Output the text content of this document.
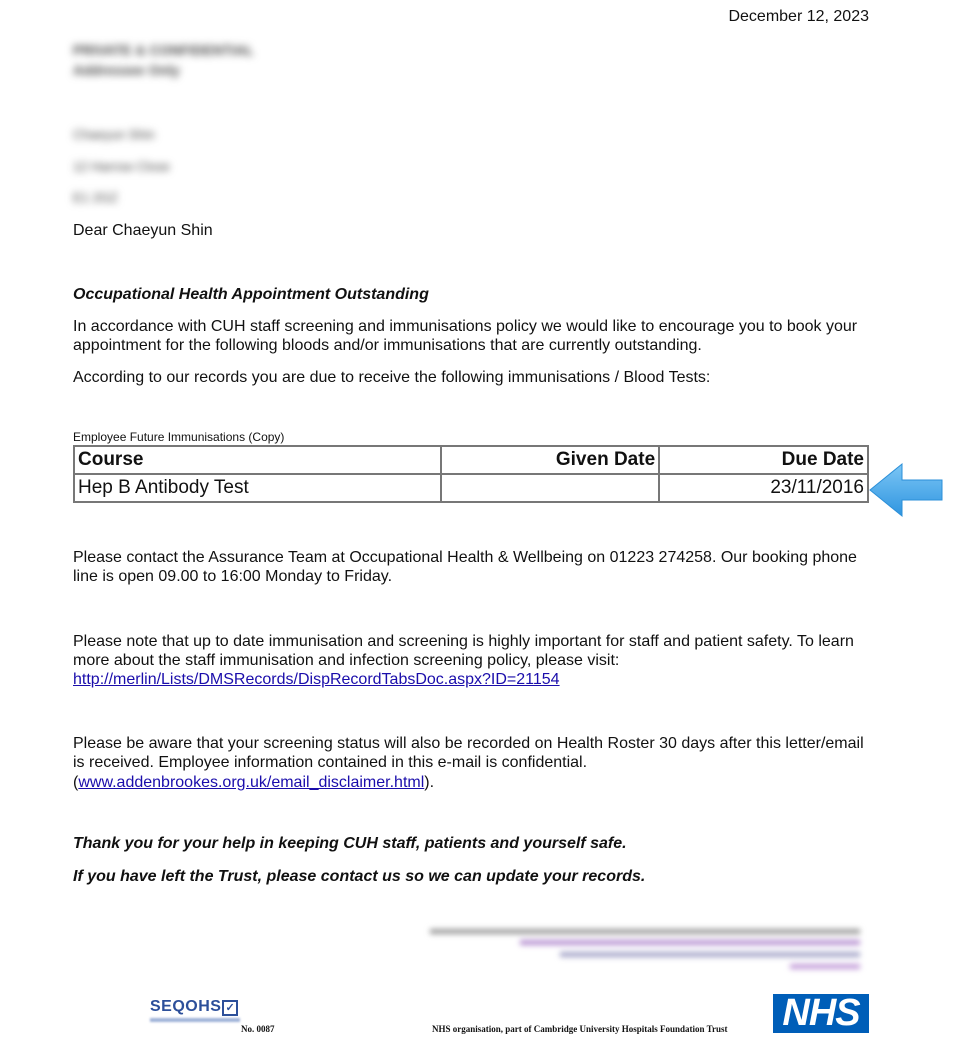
December 12, 2023
PRIVATE & CONFIDENTIAL
Addressee Only
Chaeyun Shin
12 Harrow Close
E1 2GZ
Dear Chaeyun Shin
Occupational Health Appointment Outstanding
In accordance with CUH staff screening and immunisations policy we would like to encourage you to book your appointment for the following bloods and/or immunisations that are currently outstanding.
According to our records you are due to receive the following immunisations / Blood Tests:
Employee Future Immunisations (Copy)
Course	Given Date	Due Date
Hep B Antibody Test		23/11/2016
Please contact the Assurance Team at Occupational Health & Wellbeing on 01223 274258. Our booking phone line is open 09.00 to 16:00 Monday to Friday.
Please note that up to date immunisation and screening is highly important for staff and patient safety. To learn more about the staff immunisation and infection screening policy, please visit:
http://merlin/Lists/DMSRecords/DispRecordTabsDoc.aspx?ID=21154
Please be aware that your screening status will also be recorded on Health Roster 30 days after this letter/email is received. Employee information contained in this e-mail is confidential.
(www.addenbrookes.org.uk/email_disclaimer.html).
Thank you for your help in keeping CUH staff, patients and yourself safe.
If you have left the Trust, please contact us so we can update your records.
SEQOHS ✓
No. 0087	NHS organisation, part of Cambridge University Hospitals Foundation Trust NHS
